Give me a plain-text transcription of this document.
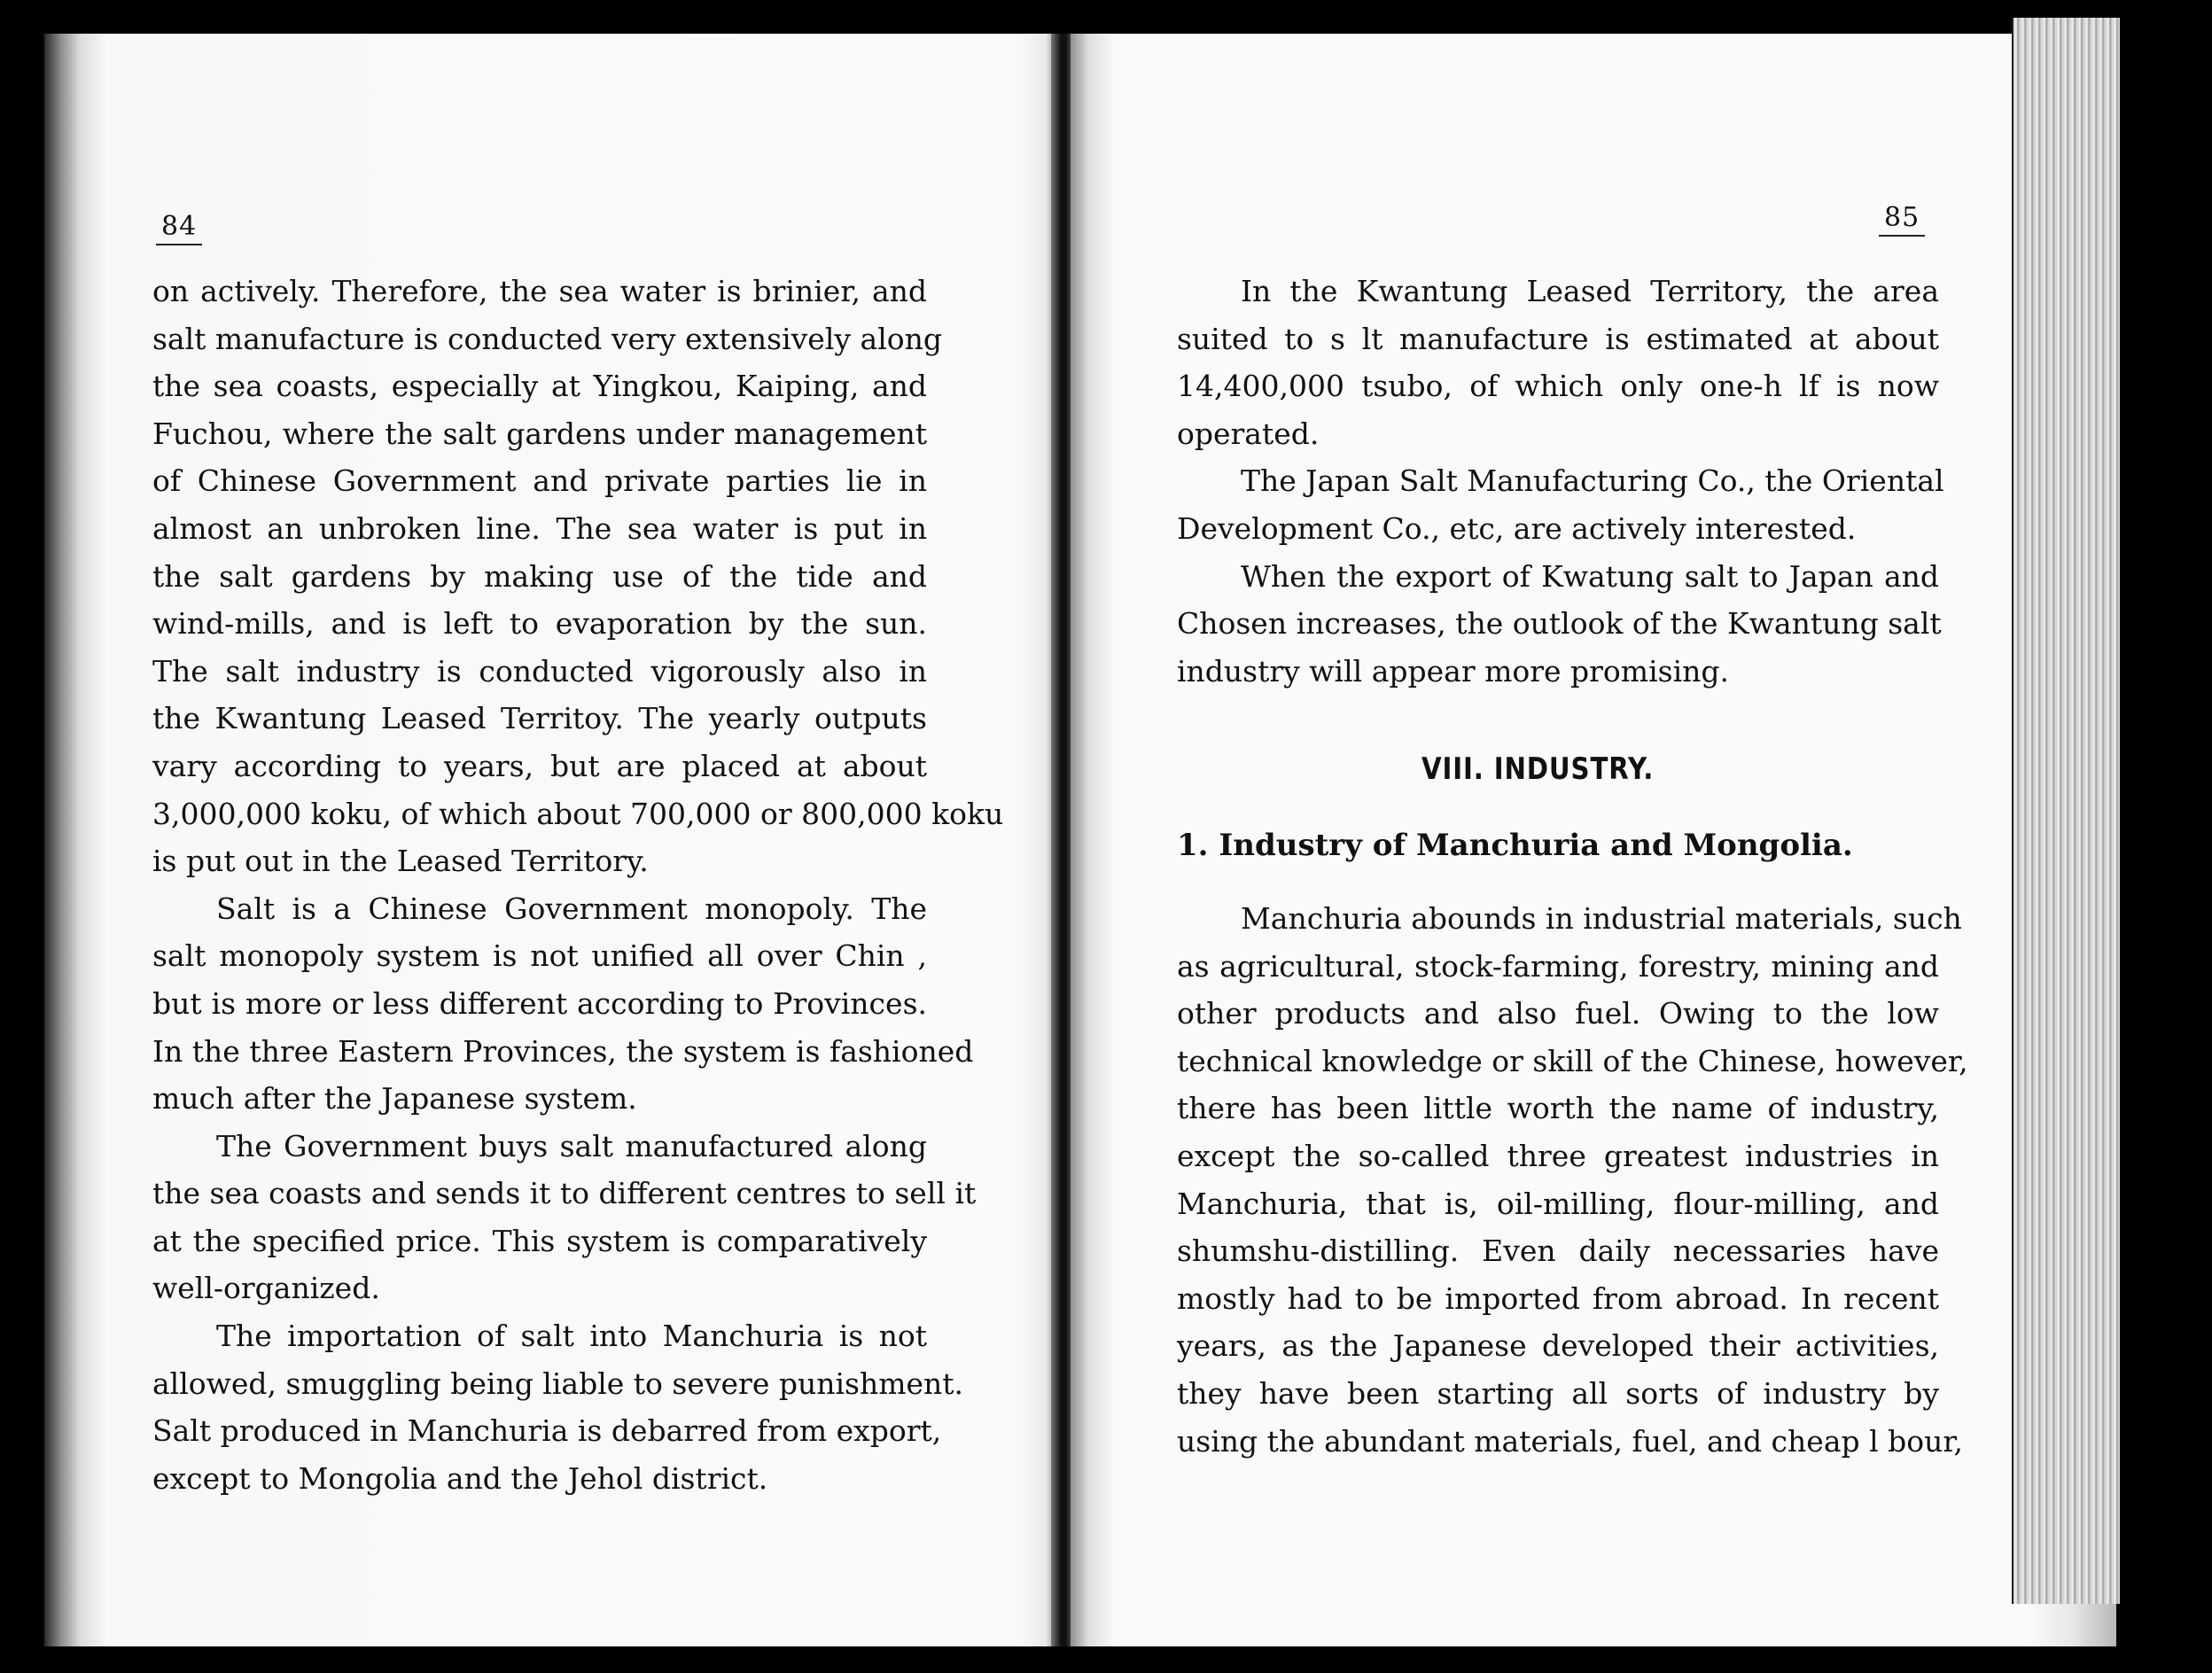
84
on actively. Therefore, the sea water is brinier, and
salt manufacture is conducted very extensively along
the sea coasts, especially at Yingkou, Kaiping, and
Fuchou, where the salt gardens under management
of Chinese Government and private parties lie in
almost an unbroken line. The sea water is put in
the salt gardens by making use of the tide and
wind-mills, and is left to evaporation by the sun.
The salt industry is conducted vigorously also in
the Kwantung Leased Territoy. The yearly outputs
vary according to years, but are placed at about
3,000,000 koku, of which about 700,000 or 800,000 koku
is put out in the Leased Territory.
Salt is a Chinese Government monopoly. The
salt monopoly system is not unified all over Chin ,
but is more or less different according to Provinces.
In the three Eastern Provinces, the system is fashioned
much after the Japanese system.
The Government buys salt manufactured along
the sea coasts and sends it to different centres to sell it
at the specified price. This system is comparatively
well-organized.
The importation of salt into Manchuria is not
allowed, smuggling being liable to severe punishment.
Salt produced in Manchuria is debarred from export,
except to Mongolia and the Jehol district.
85
In the Kwantung Leased Territory, the area
suited to s lt manufacture is estimated at about
14,400,000 tsubo, of which only one-h lf is now
operated.
The Japan Salt Manufacturing Co., the Oriental
Development Co., etc, are actively interested.
When the export of Kwatung salt to Japan and
Chosen increases, the outlook of the Kwantung salt
industry will appear more promising.
VIII. INDUSTRY.
1. Industry of Manchuria and Mongolia.
Manchuria abounds in industrial materials, such
as agricultural, stock-farming, forestry, mining and
other products and also fuel. Owing to the low
technical knowledge or skill of the Chinese, however,
there has been little worth the name of industry,
except the so-called three greatest industries in
Manchuria, that is, oil-milling, flour-milling, and
shumshu-distilling. Even daily necessaries have
mostly had to be imported from abroad. In recent
years, as the Japanese developed their activities,
they have been starting all sorts of industry by
using the abundant materials, fuel, and cheap l bour,
